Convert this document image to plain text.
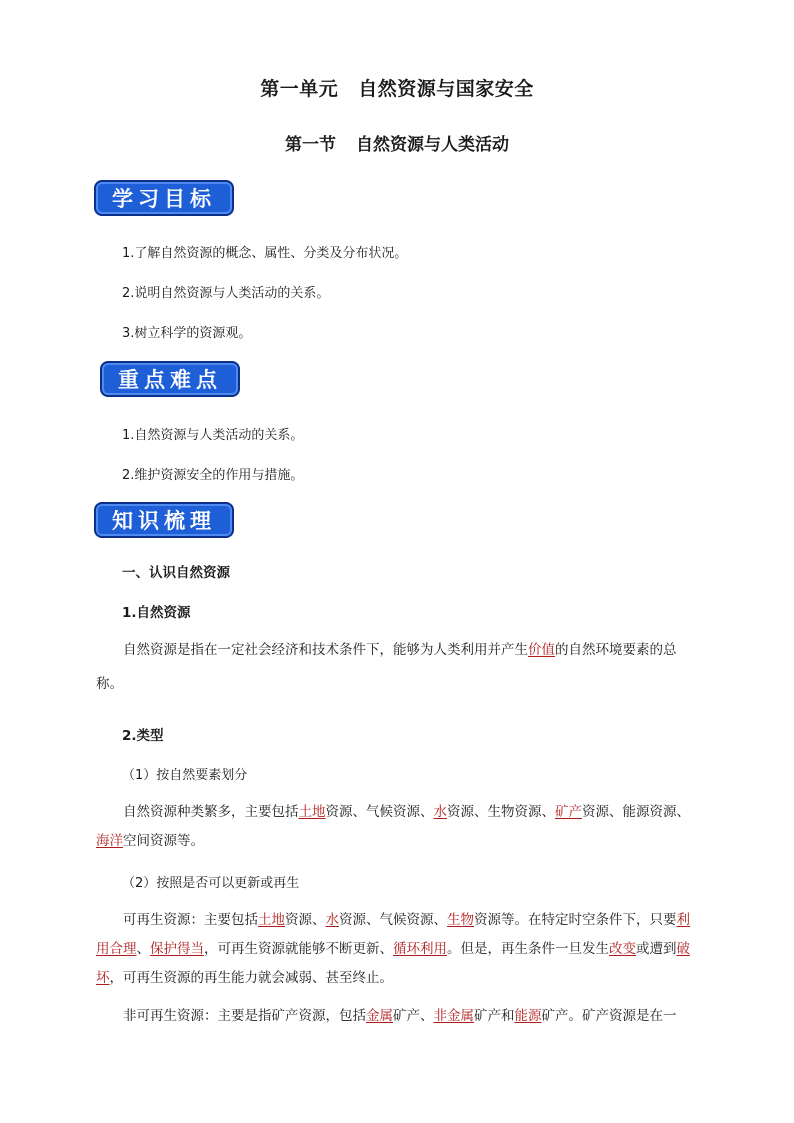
第一单元 自然资源与国家安全
第一节 自然资源与人类活动
学习目标
1.了解自然资源的概念、属性、分类及分布状况。
2.说明自然资源与人类活动的关系。
3.树立科学的资源观。
重点难点
1.自然资源与人类活动的关系。
2.维护资源安全的作用与措施。
知识梳理
一、认识自然资源
1.自然资源
自然资源是指在一定社会经济和技术条件下，能够为人类利用并产生价值的自然环境要素的总称。
2.类型
（1）按自然要素划分
自然资源种类繁多，主要包括土地资源、气候资源、水资源、生物资源、矿产资源、能源资源、海洋空间资源等。
（2）按照是否可以更新或再生
可再生资源：主要包括土地资源、水资源、气候资源、生物资源等。在特定时空条件下，只要利用合理、保护得当，可再生资源就能够不断更新、循环利用。但是，再生条件一旦发生改变或遭到破坏，可再生资源的再生能力就会减弱、甚至终止。
非可再生资源：主要是指矿产资源，包括金属矿产、非金属矿产和能源矿产。矿产资源是在一
